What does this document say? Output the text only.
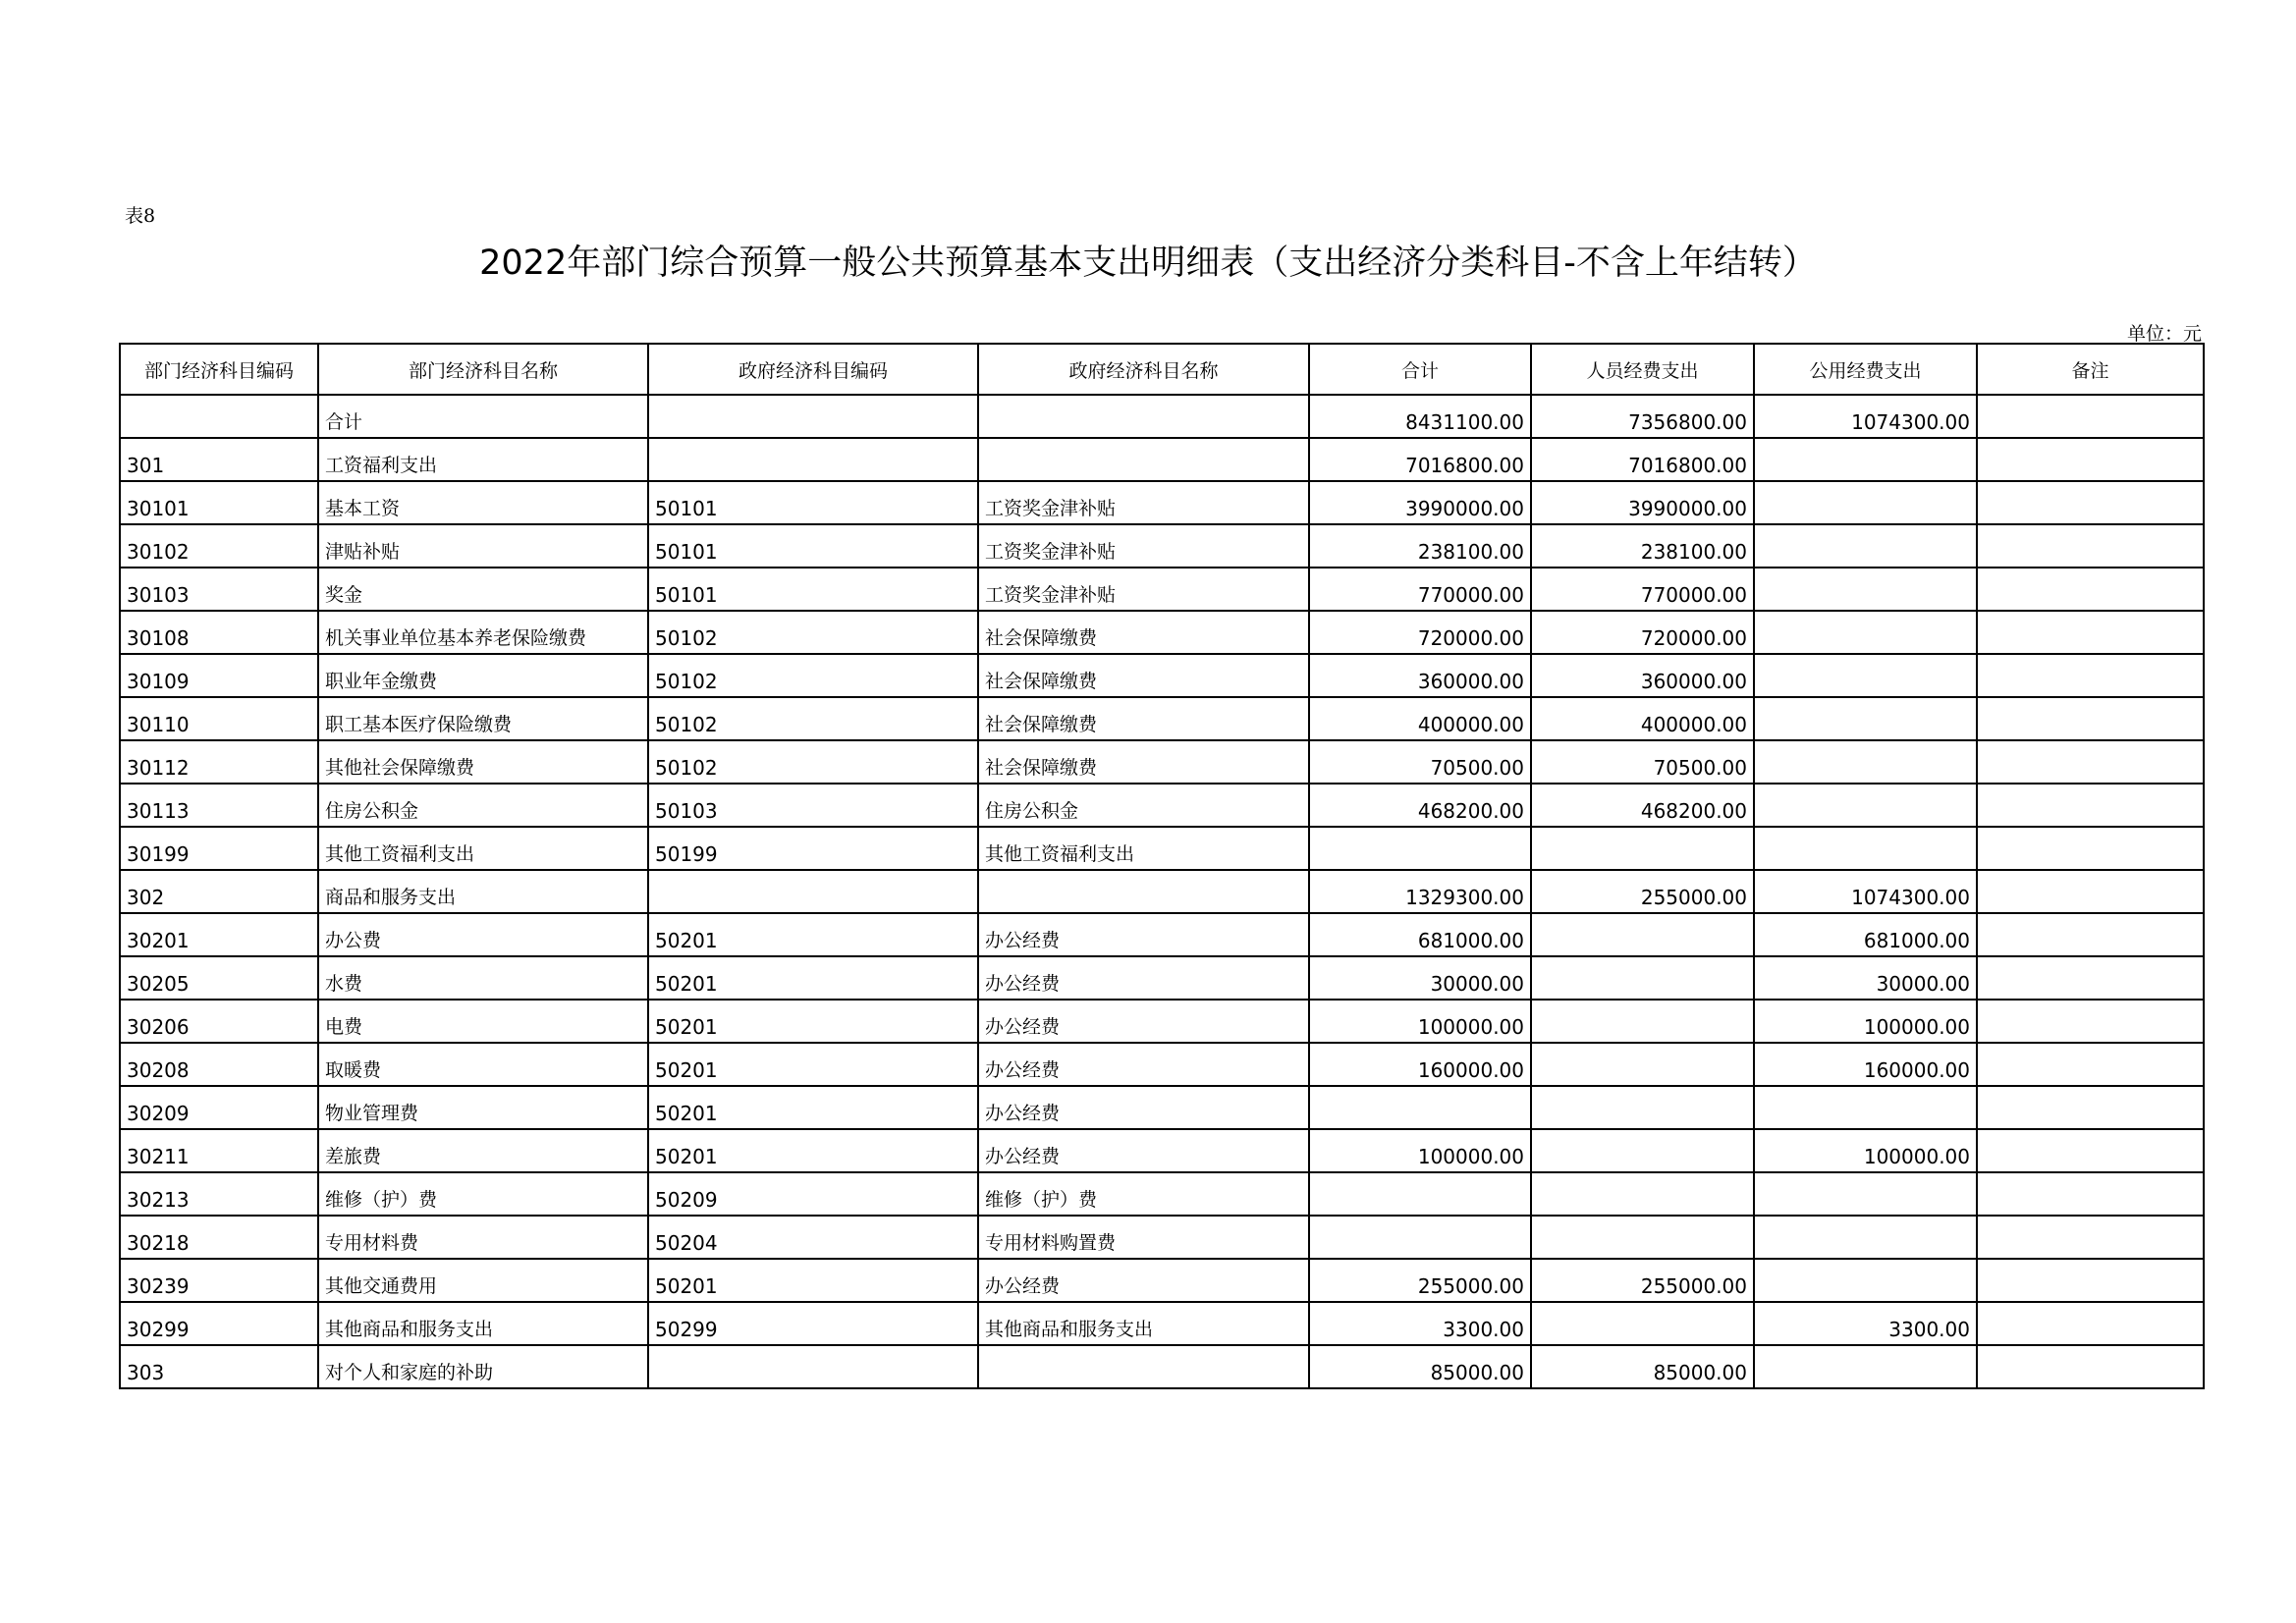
表8
2022年部门综合预算一般公共预算基本支出明细表（支出经济分类科目-不含上年结转）
单位：元
部门经济科目编码	部门经济科目名称	政府经济科目编码	政府经济科目名称	合计	人员经费支出	公用经费支出	备注
	合计			8431100.00	7356800.00	1074300.00	
301	工资福利支出			7016800.00	7016800.00		
30101	基本工资	50101	工资奖金津补贴	3990000.00	3990000.00		
30102	津贴补贴	50101	工资奖金津补贴	238100.00	238100.00		
30103	奖金	50101	工资奖金津补贴	770000.00	770000.00		
30108	机关事业单位基本养老保险缴费	50102	社会保障缴费	720000.00	720000.00		
30109	职业年金缴费	50102	社会保障缴费	360000.00	360000.00		
30110	职工基本医疗保险缴费	50102	社会保障缴费	400000.00	400000.00		
30112	其他社会保障缴费	50102	社会保障缴费	70500.00	70500.00		
30113	住房公积金	50103	住房公积金	468200.00	468200.00		
30199	其他工资福利支出	50199	其他工资福利支出				
302	商品和服务支出			1329300.00	255000.00	1074300.00	
30201	办公费	50201	办公经费	681000.00		681000.00	
30205	水费	50201	办公经费	30000.00		30000.00	
30206	电费	50201	办公经费	100000.00		100000.00	
30208	取暖费	50201	办公经费	160000.00		160000.00	
30209	物业管理费	50201	办公经费				
30211	差旅费	50201	办公经费	100000.00		100000.00	
30213	维修（护）费	50209	维修（护）费				
30218	专用材料费	50204	专用材料购置费				
30239	其他交通费用	50201	办公经费	255000.00	255000.00		
30299	其他商品和服务支出	50299	其他商品和服务支出	3300.00		3300.00	
303	对个人和家庭的补助			85000.00	85000.00		
